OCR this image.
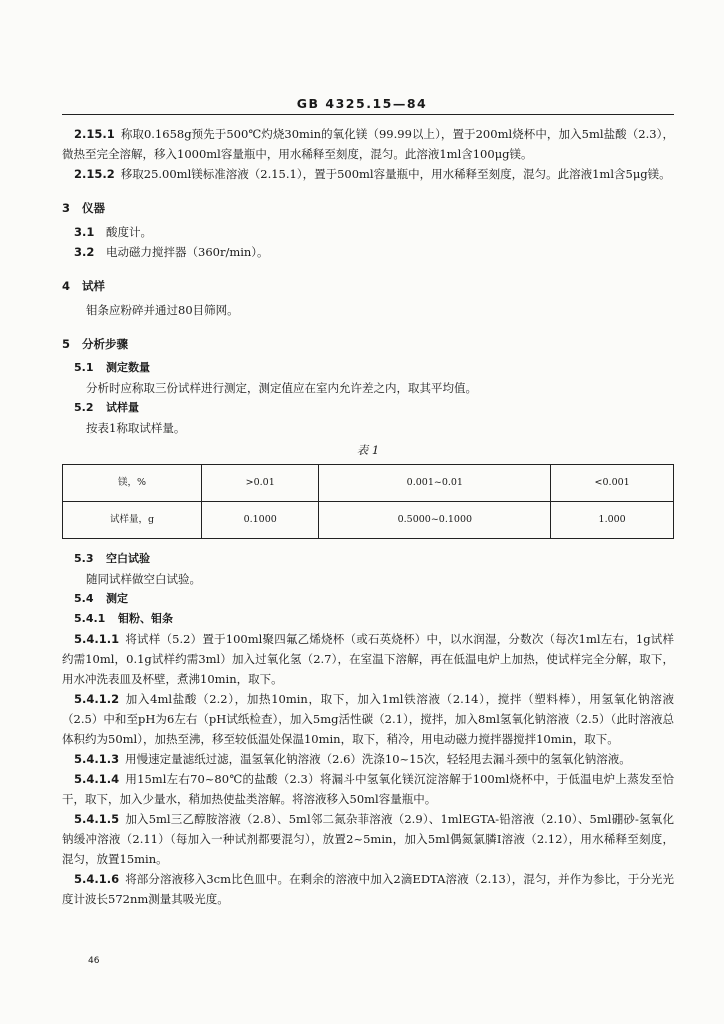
GB 4325.15—84

2.15.1 称取0.1658g预先于500℃灼烧30min的氧化镁（99.99以上），置于200ml烧杯中，加入5ml盐酸（2.3），微热至完全溶解，移入1000ml容量瓶中，用水稀释至刻度，混匀。此溶液1ml含100μg镁。

2.15.2 移取25.00ml镁标准溶液（2.15.1），置于500ml容量瓶中，用水稀释至刻度，混匀。此溶液1ml含5μg镁。

3 仪器

3.1 酸度计。

3.2 电动磁力搅拌器（360r/min）。

4 试样

钼条应粉碎并通过80目筛网。

5 分析步骤

5.1 测定数量

分析时应称取三份试样进行测定，测定值应在室内允许差之内，取其平均值。

5.2 试样量

按表1称取试样量。

表 1
镁，%	>0.01	0.001~0.01	<0.001
试样量，g	0.1000	0.5000~0.1000	1.000

5.3 空白试验

随同试样做空白试验。

5.4 测定

5.4.1 钼粉、钼条

5.4.1.1 将试样（5.2）置于100ml聚四氟乙烯烧杯（或石英烧杯）中，以水润湿，分数次（每次1ml左右，1g试样约需10ml，0.1g试样约需3ml）加入过氧化氢（2.7），在室温下溶解，再在低温电炉上加热，使试样完全分解，取下，用水冲洗表皿及杯壁，煮沸10min，取下。

5.4.1.2 加入4ml盐酸（2.2），加热10min，取下，加入1ml铁溶液（2.14），搅拌（塑料棒），用氢氧化钠溶液（2.5）中和至pH为6左右（pH试纸检查），加入5mg活性碳（2.1），搅拌，加入8ml氢氧化钠溶液（2.5）（此时溶液总体积约为50ml），加热至沸，移至较低温处保温10min，取下，稍冷，用电动磁力搅拌器搅拌10min，取下。

5.4.1.3 用慢速定量滤纸过滤，温氢氧化钠溶液（2.6）洗涤10~15次，轻轻甩去漏斗颈中的氢氧化钠溶液。

5.4.1.4 用15ml左右70~80℃的盐酸（2.3）将漏斗中氢氧化镁沉淀溶解于100ml烧杯中，于低温电炉上蒸发至恰干，取下，加入少量水，稍加热使盐类溶解。将溶液移入50ml容量瓶中。

5.4.1.5 加入5ml三乙醇胺溶液（2.8）、5ml邻二氮杂菲溶液（2.9）、1mlEGTA-铅溶液（2.10）、5ml硼砂-氢氧化钠缓冲溶液（2.11）（每加入一种试剂都要混匀），放置2~5min，加入5ml偶氮氯膦Ⅰ溶液（2.12），用水稀释至刻度，混匀，放置15min。

5.4.1.6 将部分溶液移入3cm比色皿中。在剩余的溶液中加入2滴EDTA溶液（2.13），混匀，并作为参比，于分光光度计波长572nm测量其吸光度。

46
